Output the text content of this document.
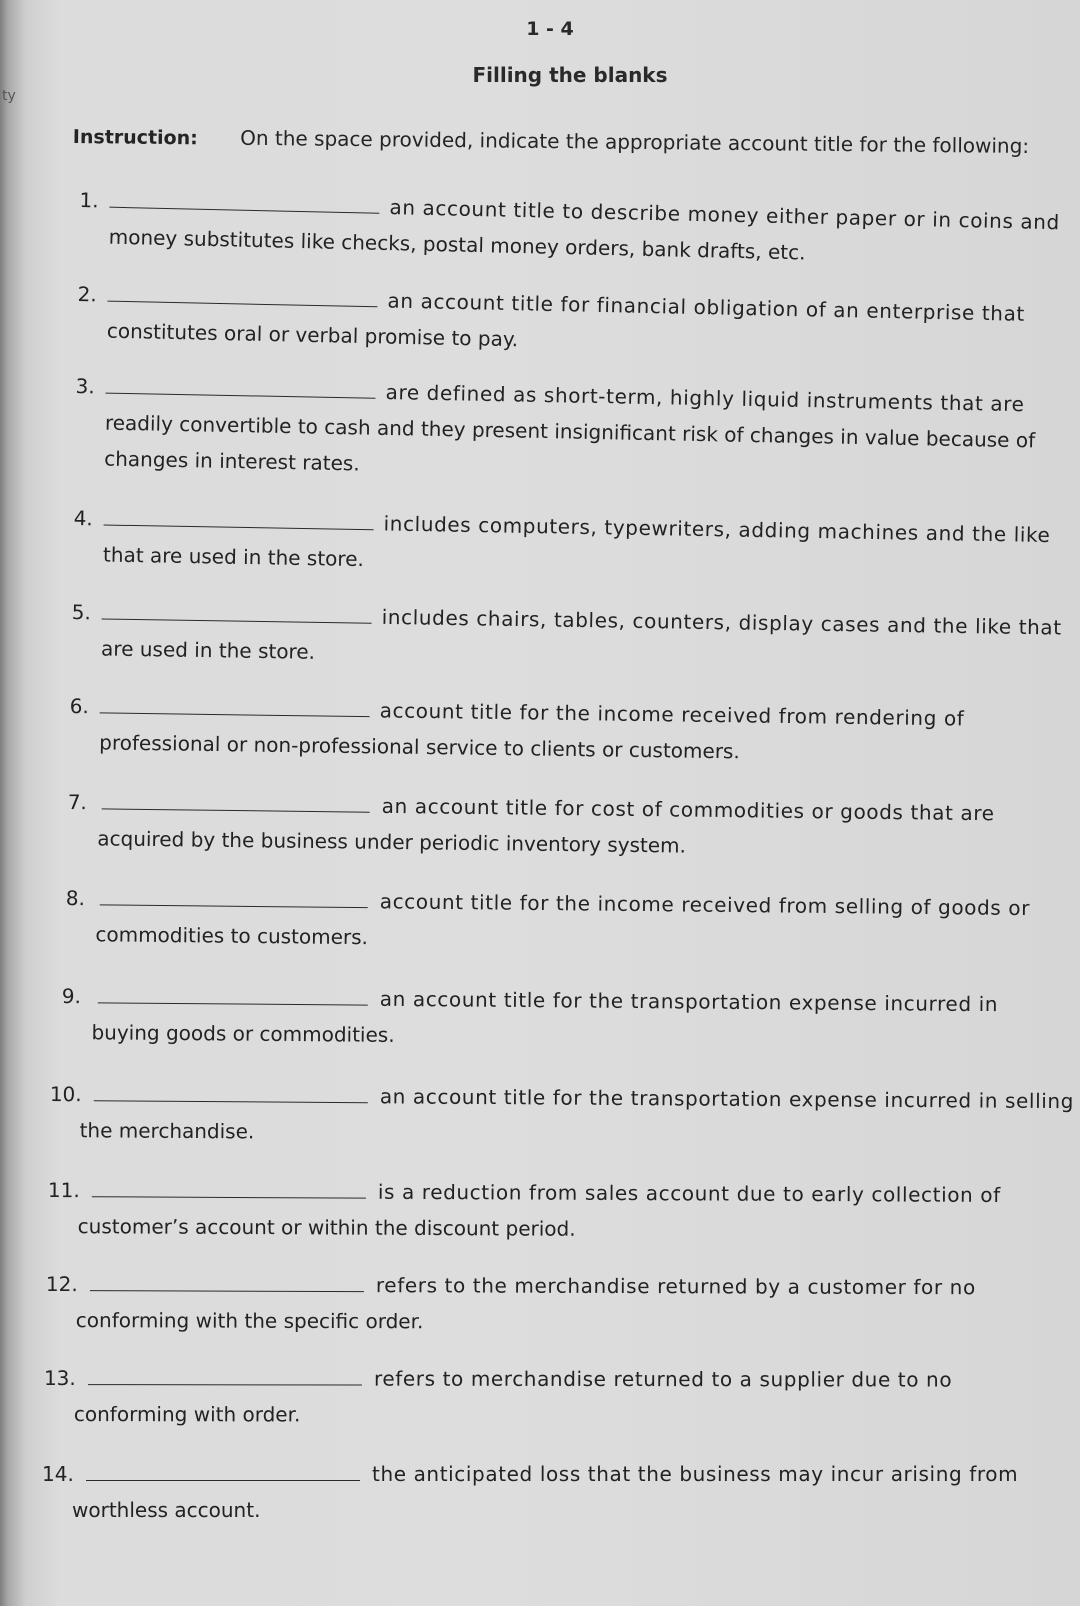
ty
1 - 4
Filling the blanks
Instruction: On the space provided, indicate the appropriate account title for the following:
1.	an account title to describe money either paper or in coins and
money substitutes like checks, postal money orders, bank drafts, etc.
2.	an account title for financial obligation of an enterprise that
constitutes oral or verbal promise to pay.
3.	are defined as short-term, highly liquid instruments that are
readily convertible to cash and they present insignificant risk of changes in value because of
changes in interest rates.
4.	includes computers, typewriters, adding machines and the like
that are used in the store.
5.	includes chairs, tables, counters, display cases and the like that
are used in the store.
6.	account title for the income received from rendering of
professional or non-professional service to clients or customers.
7.	an account title for cost of commodities or goods that are
acquired by the business under periodic inventory system.
8.	account title for the income received from selling of goods or
commodities to customers.
9.	an account title for the transportation expense incurred in
buying goods or commodities.
10.	an account title for the transportation expense incurred in selling
the merchandise.
11.	is a reduction from sales account due to early collection of
customer’s account or within the discount period.
12.	refers to the merchandise returned by a customer for no
conforming with the specific order.
13.	refers to merchandise returned to a supplier due to no
conforming with order.
14.	the anticipated loss that the business may incur arising from
worthless account.
